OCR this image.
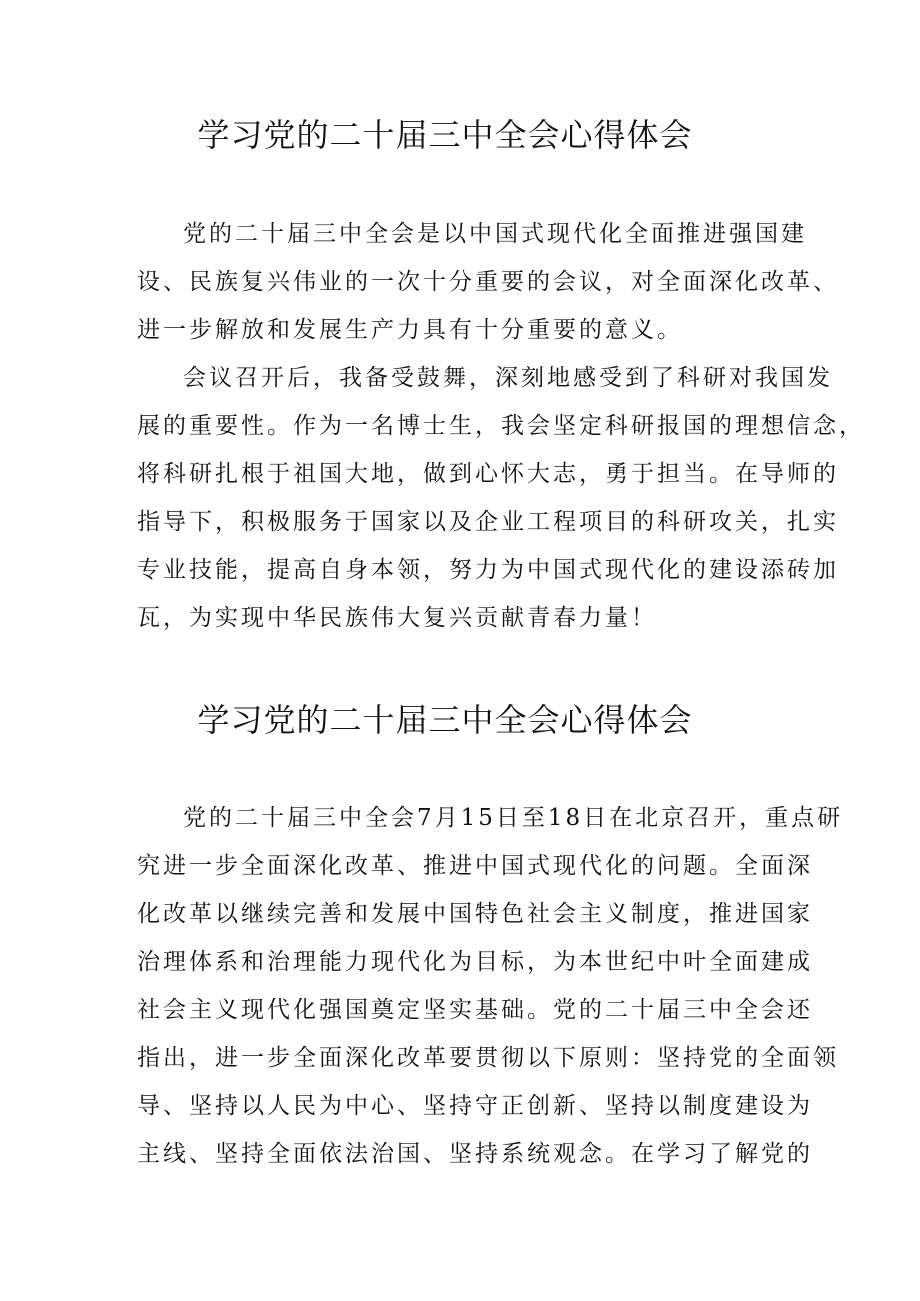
学习党的二十届三中全会心得体会
党的二十届三中全会是以中国式现代化全面推进强国建
设、民族复兴伟业的一次十分重要的会议，对全面深化改革、
进一步解放和发展生产力具有十分重要的意义。
会议召开后，我备受鼓舞，深刻地感受到了科研对我国发
展的重要性。作为一名博士生，我会坚定科研报国的理想信念，
将科研扎根于祖国大地，做到心怀大志，勇于担当。在导师的
指导下，积极服务于国家以及企业工程项目的科研攻关，扎实
专业技能，提高自身本领，努力为中国式现代化的建设添砖加
瓦，为实现中华民族伟大复兴贡献青春力量！
学习党的二十届三中全会心得体会
党的二十届三中全会7月15日至18日在北京召开，重点研
究进一步全面深化改革、推进中国式现代化的问题。全面深
化改革以继续完善和发展中国特色社会主义制度，推进国家
治理体系和治理能力现代化为目标，为本世纪中叶全面建成
社会主义现代化强国奠定坚实基础。党的二十届三中全会还
指出，进一步全面深化改革要贯彻以下原则：坚持党的全面领
导、坚持以人民为中心、坚持守正创新、坚持以制度建设为
主线、坚持全面依法治国、坚持系统观念。在学习了解党的
